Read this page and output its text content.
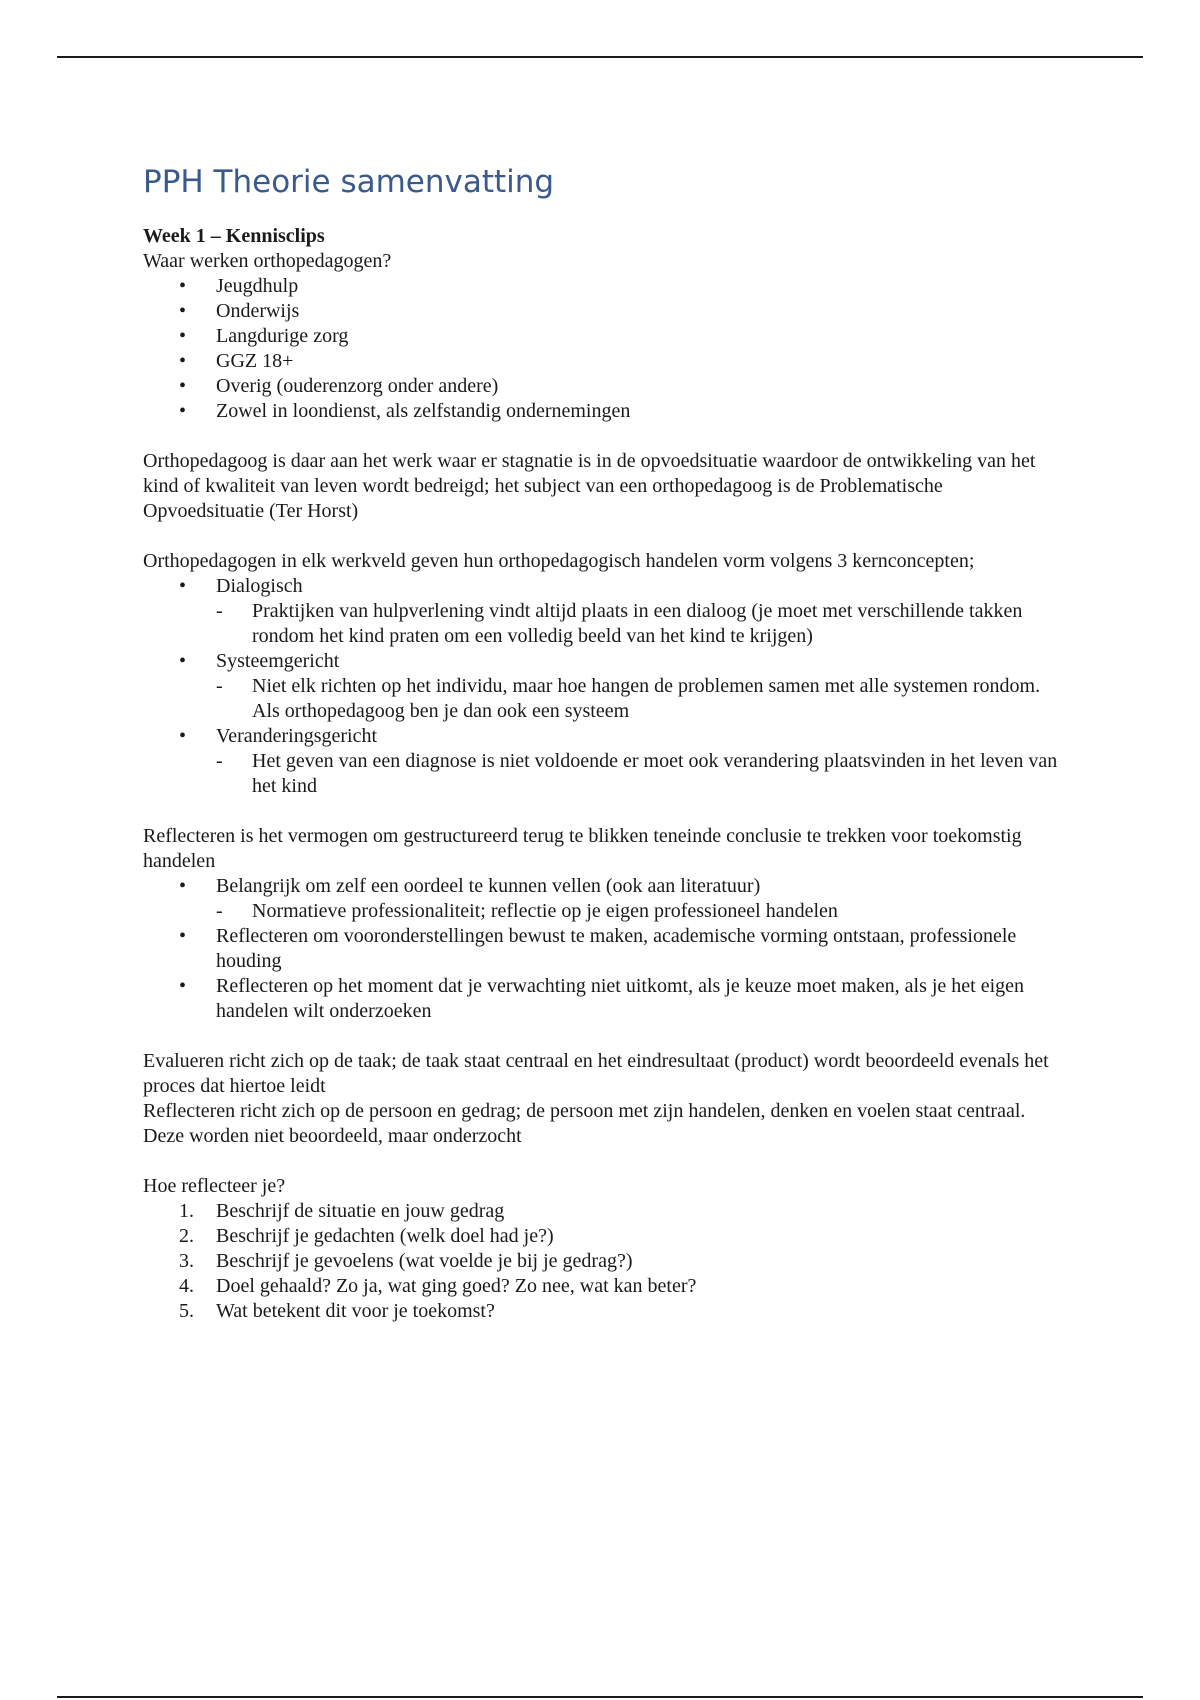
PPH Theorie samenvatting
Week 1 – Kennisclips

Waar werken orthopedagogen?

• Jeugdhulp
• Onderwijs
• Langdurige zorg
• GGZ 18+
• Overig (ouderenzorg onder andere)
• Zowel in loondienst, als zelfstandig ondernemingen

Orthopedagoog is daar aan het werk waar er stagnatie is in de opvoedsituatie waardoor de ontwikkeling van het kind of kwaliteit van leven wordt bedreigd; het subject van een orthopedagoog is de Problematische Opvoedsituatie (Ter Horst)

Orthopedagogen in elk werkveld geven hun orthopedagogisch handelen vorm volgens 3 kernconcepten;

• Dialogisch
- Praktijken van hulpverlening vindt altijd plaats in een dialoog (je moet met verschillende takken rondom het kind praten om een volledig beeld van het kind te krijgen)
• Systeemgericht
- Niet elk richten op het individu, maar hoe hangen de problemen samen met alle systemen rondom. Als orthopedagoog ben je dan ook een systeem
• Veranderingsgericht
- Het geven van een diagnose is niet voldoende er moet ook verandering plaatsvinden in het leven van het kind

Reflecteren is het vermogen om gestructureerd terug te blikken teneinde conclusie te trekken voor toekomstig handelen

• Belangrijk om zelf een oordeel te kunnen vellen (ook aan literatuur)
- Normatieve professionaliteit; reflectie op je eigen professioneel handelen
• Reflecteren om vooronderstellingen bewust te maken, academische vorming ontstaan, professionele houding
• Reflecteren op het moment dat je verwachting niet uitkomt, als je keuze moet maken, als je het eigen handelen wilt onderzoeken

Evalueren richt zich op de taak; de taak staat centraal en het eindresultaat (product) wordt beoordeeld evenals het proces dat hiertoe leidt

Reflecteren richt zich op de persoon en gedrag; de persoon met zijn handelen, denken en voelen staat centraal. Deze worden niet beoordeeld, maar onderzocht

Hoe reflecteer je?

1. Beschrijf de situatie en jouw gedrag
2. Beschrijf je gedachten (welk doel had je?)
3. Beschrijf je gevoelens (wat voelde je bij je gedrag?)
4. Doel gehaald? Zo ja, wat ging goed? Zo nee, wat kan beter?
5. Wat betekent dit voor je toekomst?
